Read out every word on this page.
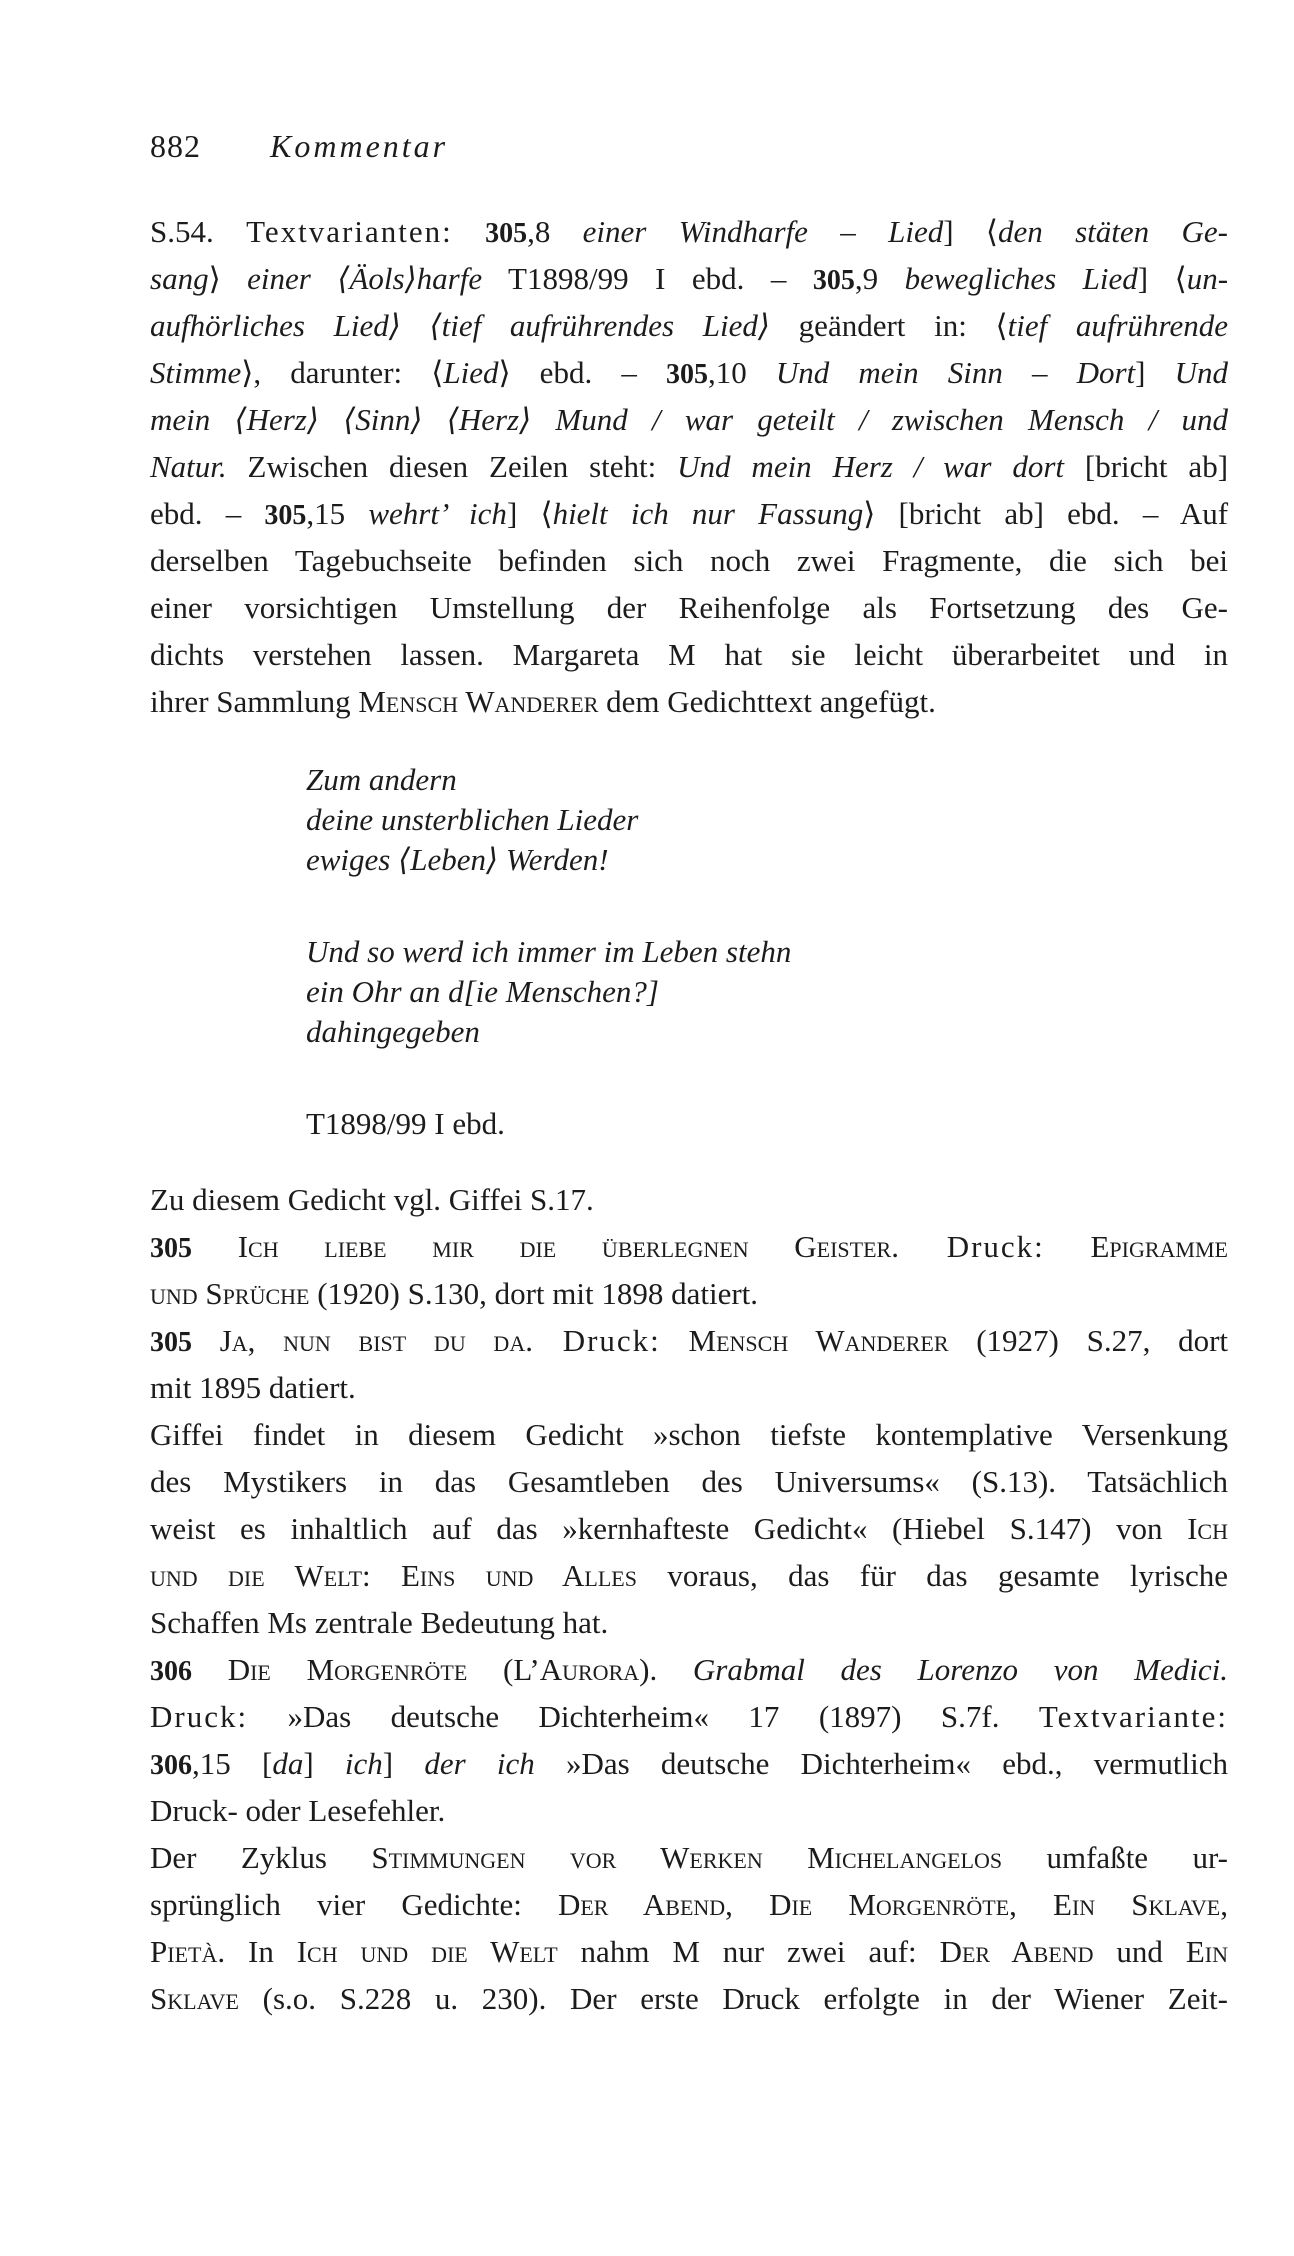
882 Kommentar
S.54. Textvarianten: 305,8 einer Windharfe – Lied] ⟨den stäten Ge-
sang⟩ einer ⟨Äols⟩harfe T1898/99 I ebd. – 305,9 bewegliches Lied] ⟨un-
aufhörliches Lied⟩ ⟨tief aufrührendes Lied⟩ geändert in: ⟨tief aufrührende
Stimme⟩, darunter: ⟨Lied⟩ ebd. – 305,10 Und mein Sinn – Dort] Und
mein ⟨Herz⟩ ⟨Sinn⟩ ⟨Herz⟩ Mund / war geteilt / zwischen Mensch / und
Natur. Zwischen diesen Zeilen steht: Und mein Herz / war dort [bricht ab]
ebd. – 305,15 wehrt’ ich] ⟨hielt ich nur Fassung⟩ [bricht ab] ebd. – Auf
derselben Tagebuchseite befinden sich noch zwei Fragmente, die sich bei
einer vorsichtigen Umstellung der Reihenfolge als Fortsetzung des Ge-
dichts verstehen lassen. Margareta M hat sie leicht überarbeitet und in
ihrer Sammlung Mensch Wanderer dem Gedichttext angefügt.
Zum andern
deine unsterblichen Lieder
ewiges ⟨Leben⟩ Werden!
Und so werd ich immer im Leben stehn
ein Ohr an d[ie Menschen?]
dahingegeben
T1898/99 I ebd.
Zu diesem Gedicht vgl. Giffei S.17.
305 Ich liebe mir die überlegnen Geister. Druck: Epigramme
und Sprüche (1920) S.130, dort mit 1898 datiert.
305 Ja, nun bist du da. Druck: Mensch Wanderer (1927) S.27, dort
mit 1895 datiert.
Giffei findet in diesem Gedicht »schon tiefste kontemplative Versenkung
des Mystikers in das Gesamtleben des Universums« (S.13). Tatsächlich
weist es inhaltlich auf das »kernhafteste Gedicht« (Hiebel S.147) von Ich
und die Welt: Eins und Alles voraus, das für das gesamte lyrische
Schaffen Ms zentrale Bedeutung hat.
306 Die Morgenröte (L’Aurora). Grabmal des Lorenzo von Medici.
Druck: »Das deutsche Dichterheim« 17 (1897) S.7f. Textvariante:
306,15 [da] ich] der ich »Das deutsche Dichterheim« ebd., vermutlich
Druck- oder Lesefehler.
Der Zyklus Stimmungen vor Werken Michelangelos umfaßte ur-
sprünglich vier Gedichte: Der Abend, Die Morgenröte, Ein Sklave,
Pietà. In Ich und die Welt nahm M nur zwei auf: Der Abend und Ein
Sklave (s.o. S.228 u. 230). Der erste Druck erfolgte in der Wiener Zeit-
